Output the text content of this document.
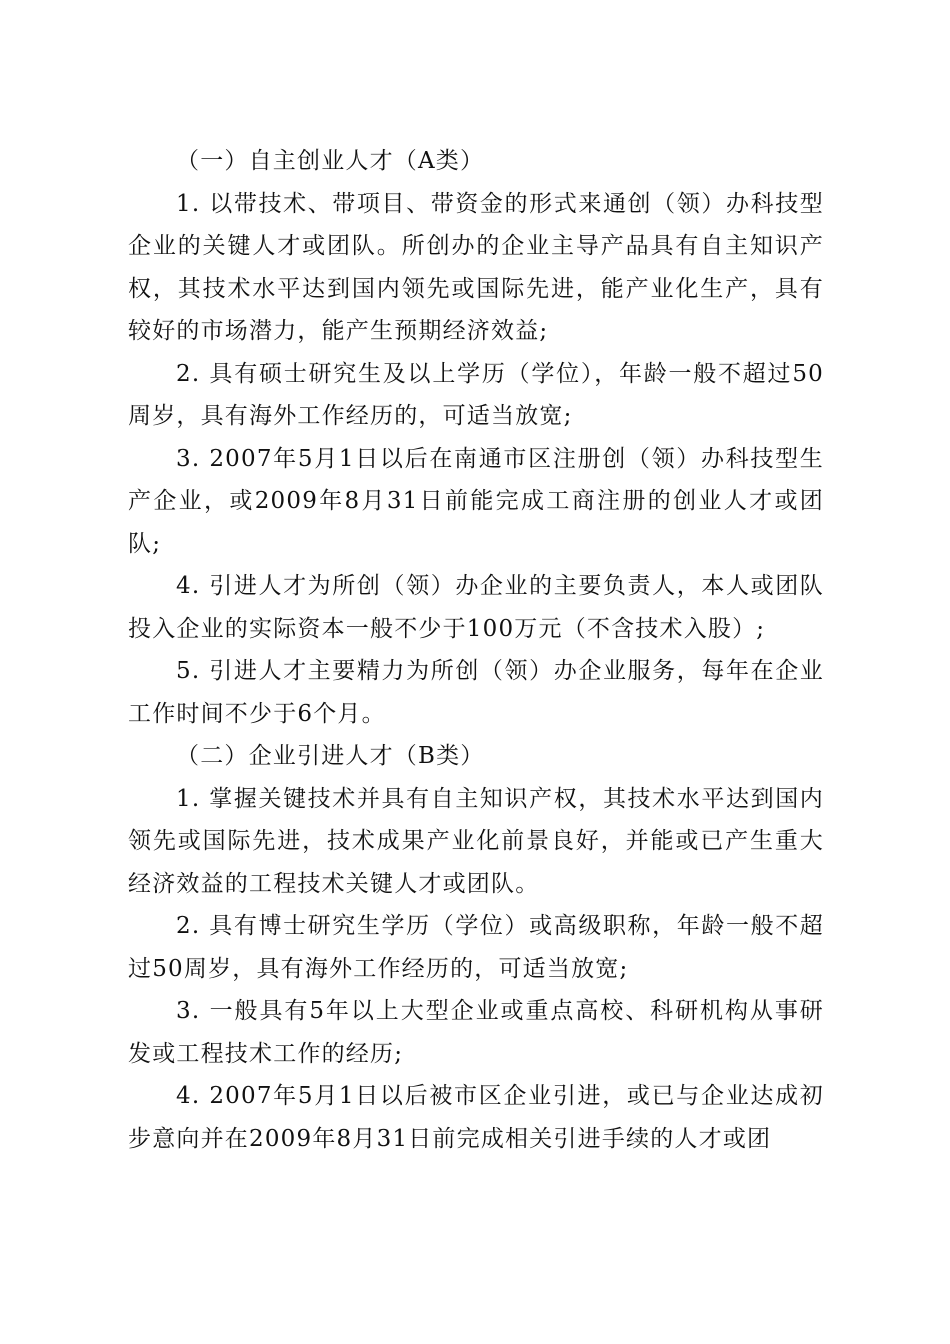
（一）自主创业人才（A类）

1. 以带技术、带项目、带资金的形式来通创（领）办科技型企业的关键人才或团队。所创办的企业主导产品具有自主知识产权，其技术水平达到国内领先或国际先进，能产业化生产，具有较好的市场潜力，能产生预期经济效益;

2. 具有硕士研究生及以上学历（学位），年龄一般不超过50周岁，具有海外工作经历的，可适当放宽;

3. 2007年5月1日以后在南通市区注册创（领）办科技型生产企业，或2009年8月31日前能完成工商注册的创业人才或团队;

4. 引进人才为所创（领）办企业的主要负责人，本人或团队投入企业的实际资本一般不少于100万元（不含技术入股）;

5. 引进人才主要精力为所创（领）办企业服务，每年在企业工作时间不少于6个月。

（二）企业引进人才（B类）

1. 掌握关键技术并具有自主知识产权，其技术水平达到国内领先或国际先进，技术成果产业化前景良好，并能或已产生重大经济效益的工程技术关键人才或团队。

2. 具有博士研究生学历（学位）或高级职称，年龄一般不超过50周岁，具有海外工作经历的，可适当放宽;

3. 一般具有5年以上大型企业或重点高校、科研机构从事研发或工程技术工作的经历;

4. 2007年5月1日以后被市区企业引进，或已与企业达成初步意向并在2009年8月31日前完成相关引进手续的人才或团
